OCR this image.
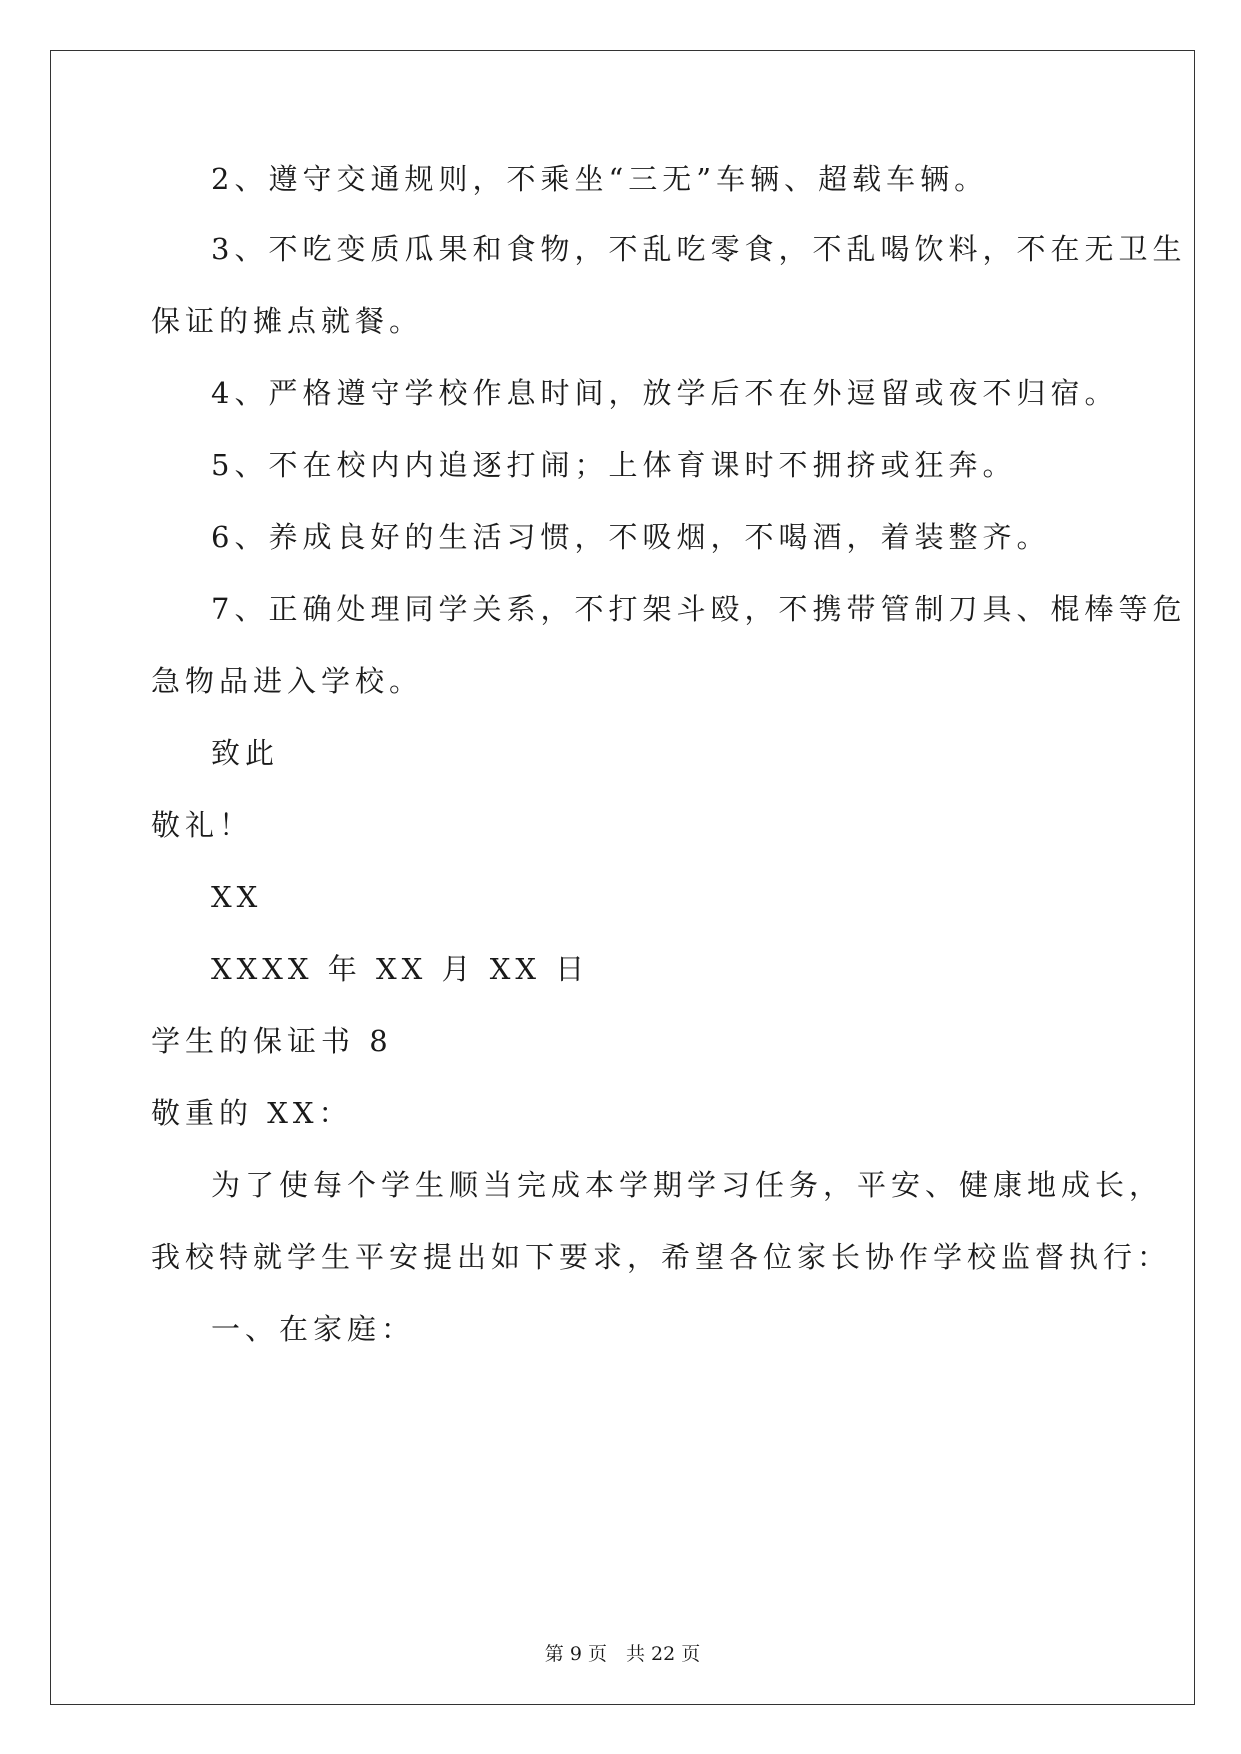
2、遵守交通规则，不乘坐“三无”车辆、超载车辆。
3、不吃变质瓜果和食物，不乱吃零食，不乱喝饮料，不在无卫生
保证的摊点就餐。
4、严格遵守学校作息时间，放学后不在外逗留或夜不归宿。
5、不在校内内追逐打闹；上体育课时不拥挤或狂奔。
6、养成良好的生活习惯，不吸烟，不喝酒，着装整齐。
7、正确处理同学关系，不打架斗殴，不携带管制刀具、棍棒等危
急物品进入学校。
致此
敬礼！
XX
XXXX 年 XX 月 XX 日
学生的保证书 8
敬重的 XX：
为了使每个学生顺当完成本学期学习任务，平安、健康地成长，
我校特就学生平安提出如下要求，希望各位家长协作学校监督执行：
一、在家庭：
第 9 页　共 22 页
